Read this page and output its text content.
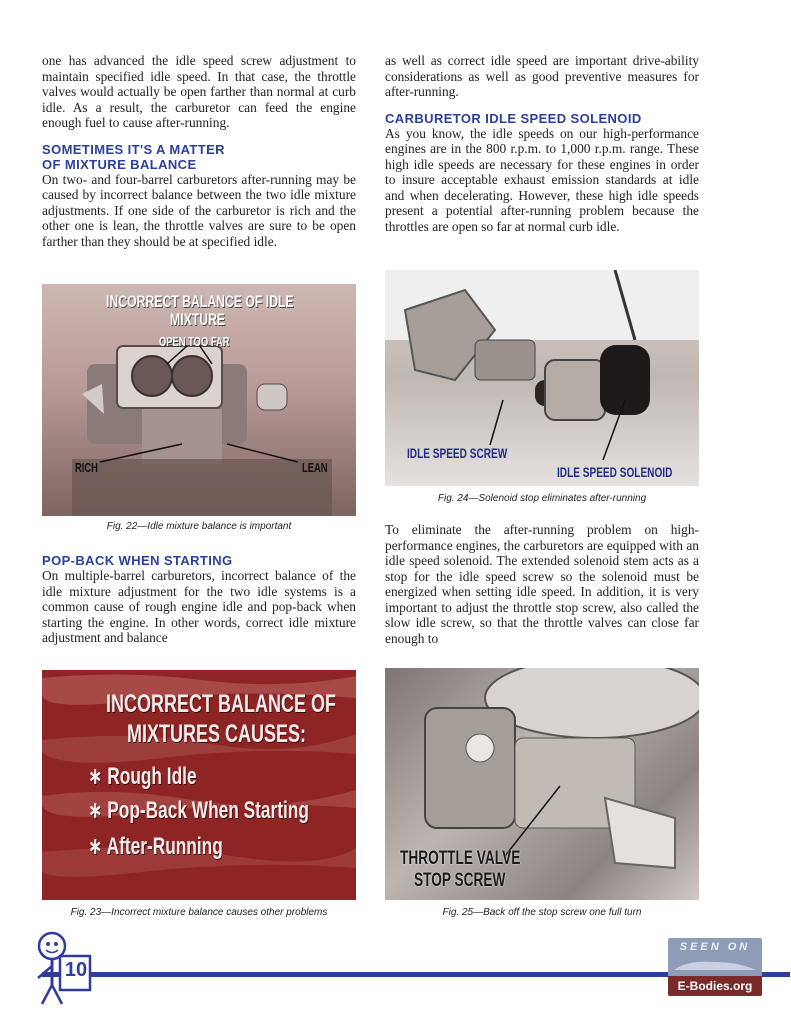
one has advanced the idle speed screw adjustment to maintain specified idle speed. In that case, the throttle valves would actually be open farther than normal at curb idle. As a result, the carburetor can feed the engine enough fuel to cause after-running.

SOMETIMES IT'S A MATTER

OF MIXTURE BALANCE

On two- and four-barrel carburetors after-running may be caused by incorrect balance between the two idle mixture adjustments. If one side of the carburetor is rich and the other one is lean, the throttle valves are sure to be open farther than they should be at specified idle.

INCORRECT BALANCE OF IDLE
MIXTURE
OPEN TOO FAR
RICH	LEAN
Fig. 22—Idle mixture balance is important

POP-BACK WHEN STARTING

On multiple-barrel carburetors, incorrect balance of the idle mixture adjustment for the two idle systems is a common cause of rough engine idle and pop-back when starting the engine. In other words, correct idle mixture adjustment and balance

INCORRECT BALANCE OF
MIXTURES CAUSES:
∗ Rough Idle
∗ Pop-Back When Starting
∗ After-Running
Fig. 23—Incorrect mixture balance causes other problems

as well as correct idle speed are important drive-ability considerations as well as good preventive measures for after-running.

CARBURETOR IDLE SPEED SOLENOID

As you know, the idle speeds on our high-performance engines are in the 800 r.p.m. to 1,000 r.p.m. range. These high idle speeds are necessary for these engines in order to insure acceptable exhaust emission standards at idle and when decelerating. However, these high idle speeds present a potential after-running problem because the throttles are open so far at normal curb idle.

IDLE SPEED SCREW
IDLE SPEED SOLENOID
Fig. 24—Solenoid stop eliminates after-running

To eliminate the after-running problem on high-performance engines, the carburetors are equipped with an idle speed solenoid. The extended solenoid stem acts as a stop for the idle speed screw so the solenoid must be energized when setting idle speed. In addition, it is very important to adjust the throttle stop screw, also called the slow idle screw, so that the throttle valves can close far enough to

THROTTLE VALVE
STOP SCREW
Fig. 25—Back off the stop screw one full turn
10
SEEN ON
E-Bodies.org
